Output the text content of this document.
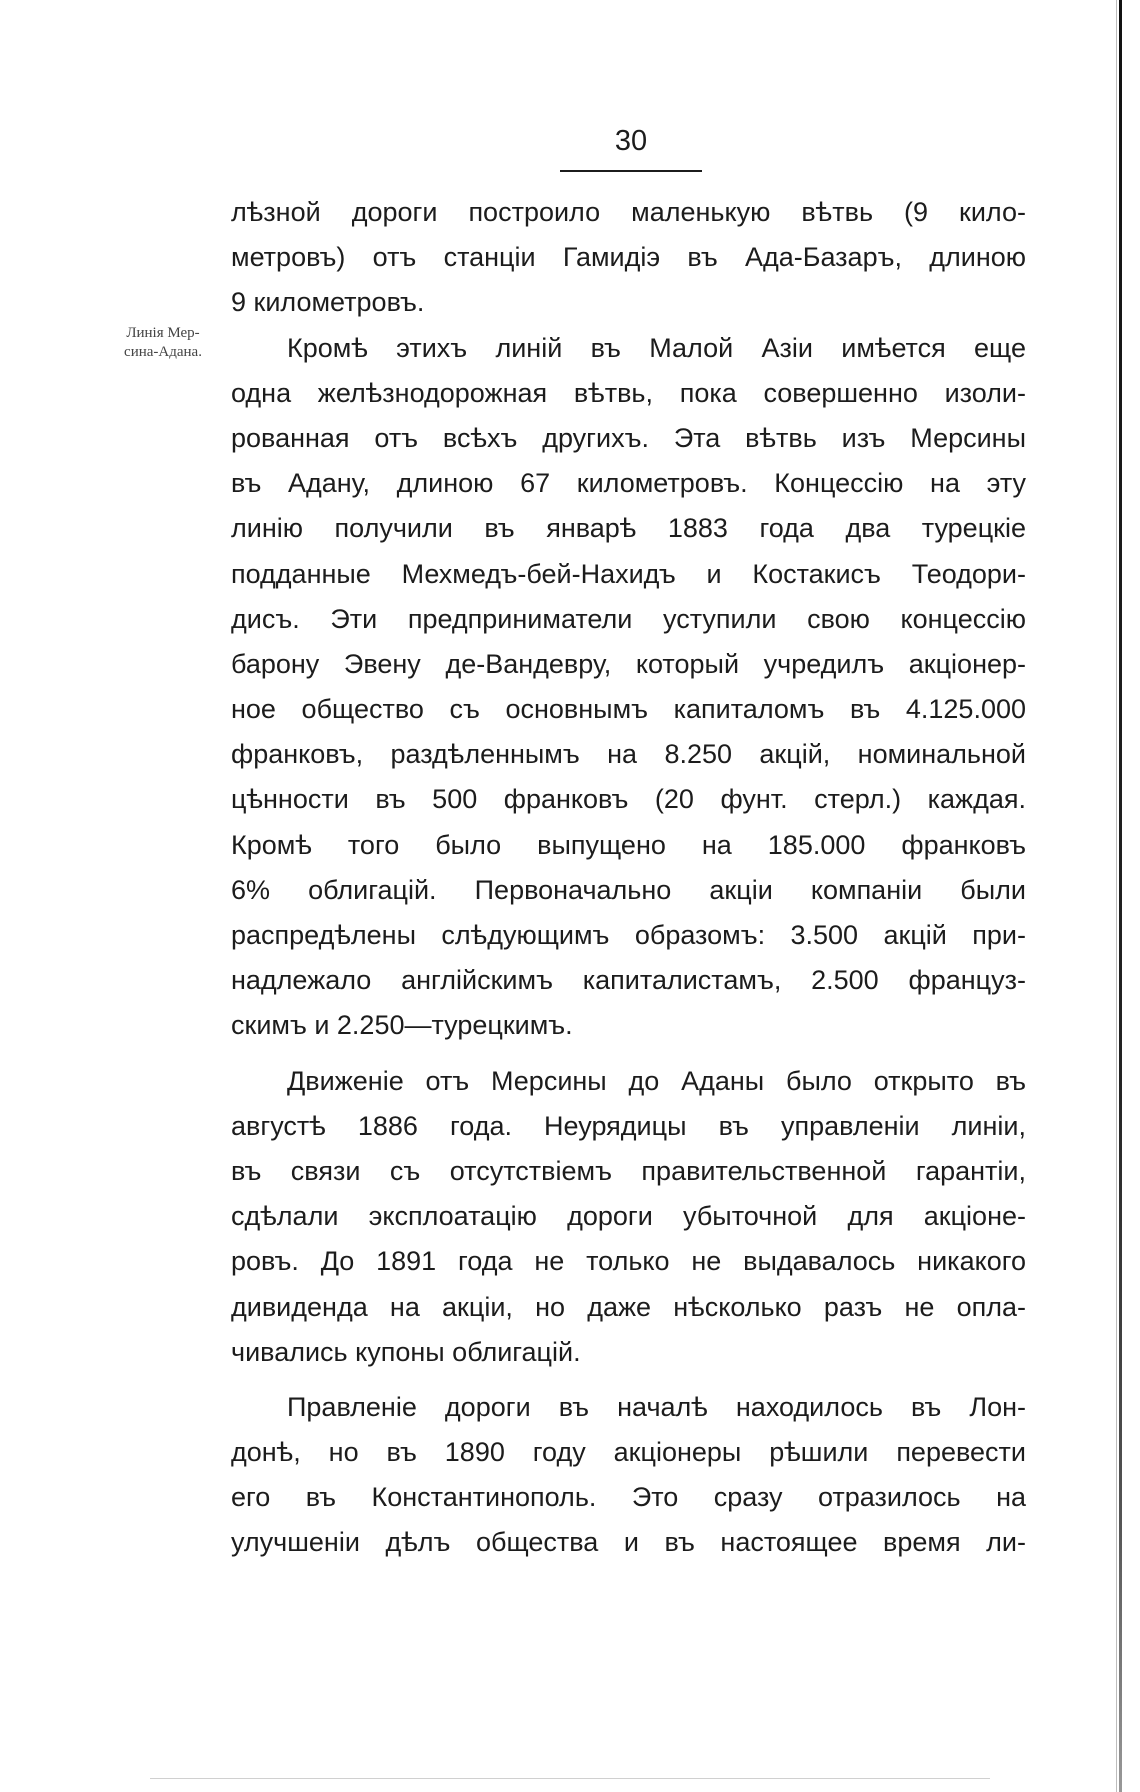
30
Линія Мер-
сина-Адана.
лѣзной дороги построило маленькую вѣтвь (9 кило-
метровъ) отъ станціи Гамидіэ въ Ада-Базаръ, длиною
9 километровъ.
Кромѣ этихъ линій въ Малой Азіи имѣется еще
одна желѣзнодорожная вѣтвь, пока совершенно изоли-
рованная отъ всѣхъ другихъ. Эта вѣтвь изъ Мерсины
въ Адану, длиною 67 километровъ. Концессію на эту
линію получили въ январѣ 1883 года два турецкіе
подданные Мехмедъ-бей-Нахидъ и Костакисъ Теодори-
дисъ. Эти предприниматели уступили свою концессію
барону Эвену де-Вандевру, который учредилъ акціонер-
ное общество съ основнымъ капиталомъ въ 4.125.000
франковъ, раздѣленнымъ на 8.250 акцій, номинальной
цѣнности въ 500 франковъ (20 фунт. стерл.) каждая.
Кромѣ того было выпущено на 185.000 франковъ
6% облигацій. Первоначально акціи компаніи были
распредѣлены слѣдующимъ образомъ: 3.500 акцій при-
надлежало англійскимъ капиталистамъ, 2.500 француз-
скимъ и 2.250—турецкимъ.
Движеніе отъ Мерсины до Аданы было открыто въ
августѣ 1886 года. Неурядицы въ управленіи линіи,
въ связи съ отсутствіемъ правительственной гарантіи,
сдѣлали эксплоатацію дороги убыточной для акціоне-
ровъ. До 1891 года не только не выдавалось никакого
дивиденда на акціи, но даже нѣсколько разъ не опла-
чивались купоны облигацій.
Правленіе дороги въ началѣ находилось въ Лон-
донѣ, но въ 1890 году акціонеры рѣшили перевести
его въ Константинополь. Это сразу отразилось на
улучшеніи дѣлъ общества и въ настоящее время ли-
